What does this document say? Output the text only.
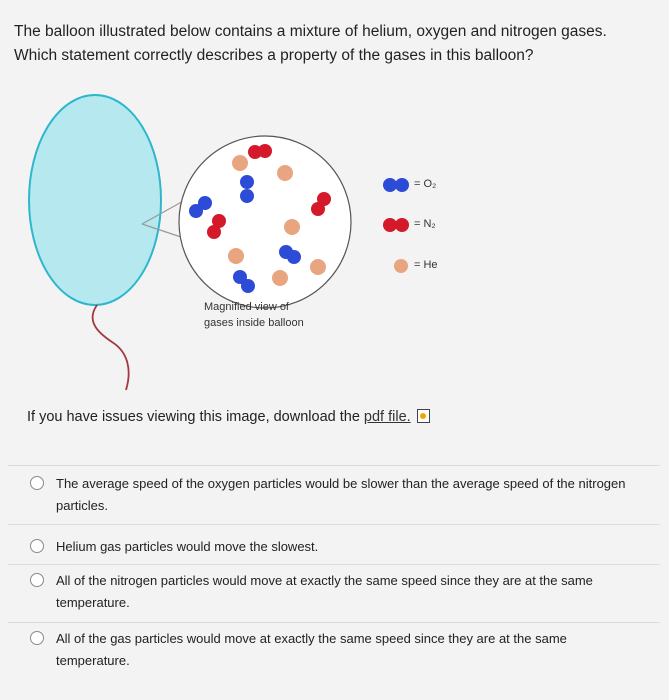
The balloon illustrated below contains a mixture of helium, oxygen and nitrogen gases.
Which statement correctly describes a property of the gases in this balloon?
= O₂
= N₂
= He
Magnified view of
gases inside balloon
If you have issues viewing this image, download the pdf file.
The average speed of the oxygen particles would be slower than the average speed of the nitrogen particles.
Helium gas particles would move the slowest.
All of the nitrogen particles would move at exactly the same speed since they are at the same temperature.
All of the gas particles would move at exactly the same speed since they are at the same temperature.
